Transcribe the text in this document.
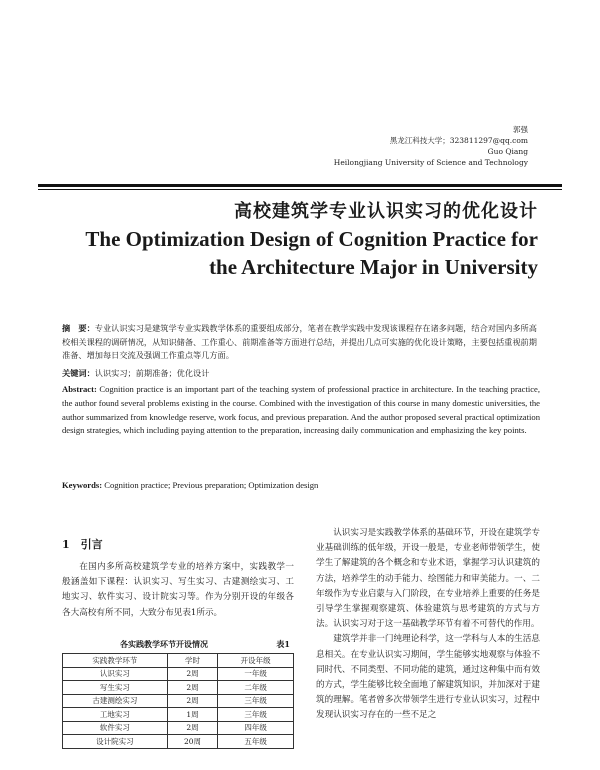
郭强
黑龙江科技大学；323811297@qq.com
Guo Qiang
Heilongjiang University of Science and Technology
高校建筑学专业认识实习的优化设计
The Optimization Design of Cognition Practice for
the Architecture Major in University
摘　要：专业认识实习是建筑学专业实践教学体系的重要组成部分，笔者在教学实践中发现该课程存在诸多问题，结合对国内多所高校相关课程的调研情况，从知识储备、工作重心、前期准备等方面进行总结，并提出几点可实施的优化设计策略，主要包括重视前期准备、增加每日交流及强调工作重点等几方面。
关键词：认识实习；前期准备；优化设计
Abstract: Cognition practice is an important part of the teaching system of professional practice in architecture. In the teaching practice, the author found several problems existing in the course. Combined with the investigation of this course in many domestic universities, the author summarized from knowledge reserve, work focus, and previous preparation. And the author proposed several practical optimization design strategies, which including paying attention to the preparation, increasing daily communication and emphasizing the key points.
Keywords: Cognition practice; Previous preparation; Optimization design
1　引言
在国内多所高校建筑学专业的培养方案中，实践教学一般涵盖如下课程：认识实习、写生实习、古建测绘实习、工地实习、软件实习、设计院实习等。作为分别开设的年级各各大高校有所不同，大致分布见表1所示。
各实践教学环节开设情况	表1
实践教学环节	学时	开设年级
认识实习	2周	一年级
写生实习	2周	二年级
古建测绘实习	2周	三年级
工地实习	1周	三年级
软件实习	2周	四年级
设计院实习	20周	五年级
认识实习是实践教学体系的基础环节，开设在建筑学专业基础训练的低年级，开设一般是，专业老师带领学生，使学生了解建筑的各个概念和专业术语，掌握学习认识建筑的方法，培养学生的动手能力、绘图能力和审美能力。一、二年级作为专业启蒙与入门阶段，在专业培养上重要的任务是引导学生掌握观察建筑、体验建筑与思考建筑的方式与方法。认识实习对于这一基础教学环节有着不可替代的作用。
建筑学并非一门纯理论科学，这一学科与人本的生活息息相关。在专业认识实习期间，学生能够实地观察与体验不同时代、不同类型、不同功能的建筑，通过这种集中而有效的方式，学生能够比较全面地了解建筑知识，并加深对于建筑的理解。笔者曾多次带领学生进行专业认识实习，过程中发现认识实习存在的一些不足之
